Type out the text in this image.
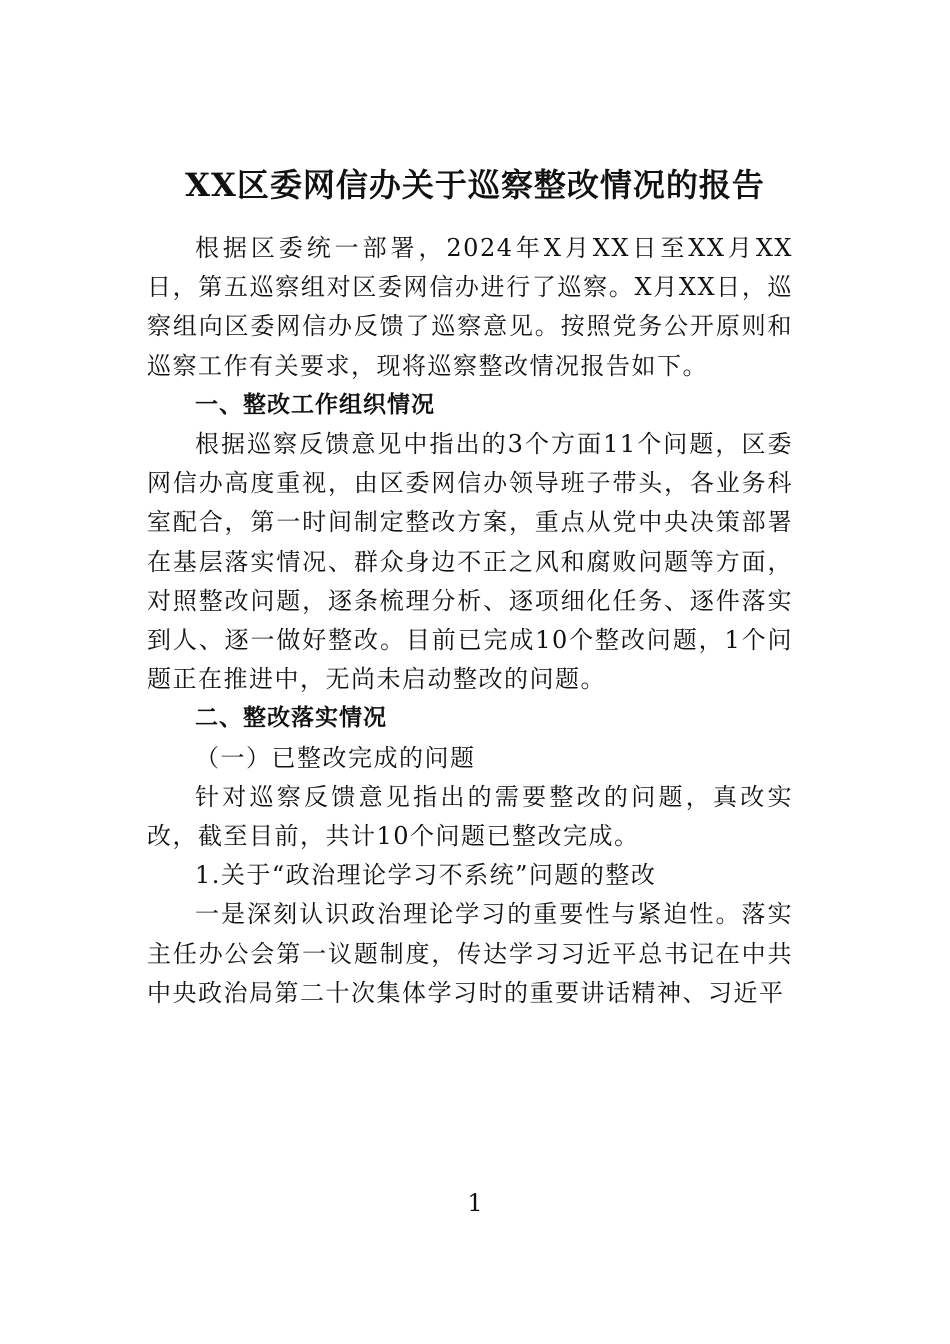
XX区委网信办关于巡察整改情况的报告

根据区委统一部署，2024年X月XX日至XX月XX日，第五巡察组对区委网信办进行了巡察。X月XX日，巡察组向区委网信办反馈了巡察意见。按照党务公开原则和巡察工作有关要求，现将巡察整改情况报告如下。

一、整改工作组织情况

根据巡察反馈意见中指出的3个方面11个问题，区委网信办高度重视，由区委网信办领导班子带头，各业务科室配合，第一时间制定整改方案，重点从党中央决策部署在基层落实情况、群众身边不正之风和腐败问题等方面，对照整改问题，逐条梳理分析、逐项细化任务、逐件落实到人、逐一做好整改。目前已完成10个整改问题，1个问题正在推进中，无尚未启动整改的问题。

二、整改落实情况

（一）已整改完成的问题

针对巡察反馈意见指出的需要整改的问题，真改实改，截至目前，共计10个问题已整改完成。

1.关于“政治理论学习不系统”问题的整改

一是深刻认识政治理论学习的重要性与紧迫性。落实主任办公会第一议题制度，传达学习习近平总书记在中共中央政治局第二十次集体学习时的重要讲话精神、习近平

1
